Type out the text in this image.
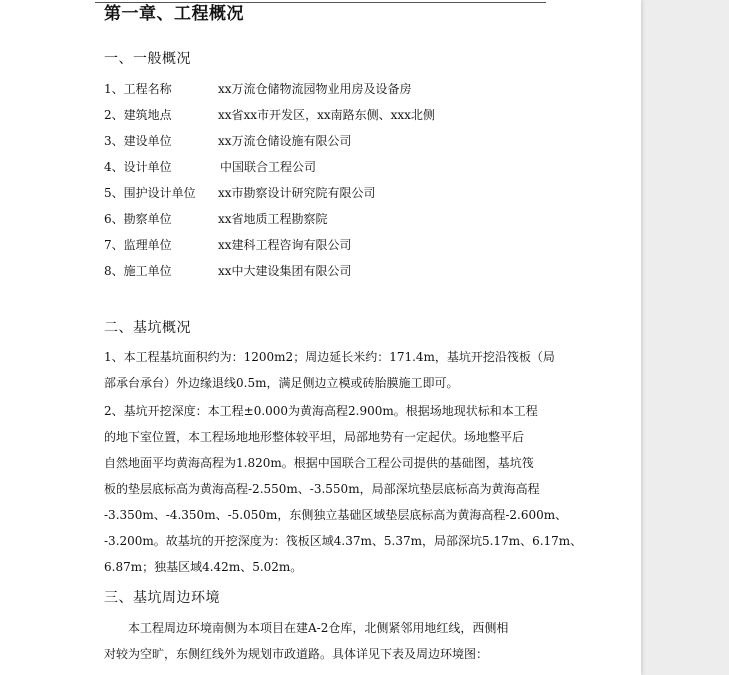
第一章、工程概况
一、一般概况
1、工程名称	xx万流仓储物流园物业用房及设备房
2、建筑地点	xx省xx市开发区，xx南路东侧、xxx北侧
3、建设单位	xx万流仓储设施有限公司
4、设计单位	中国联合工程公司
5、围护设计单位 xx市勘察设计研究院有限公司
6、勘察单位	xx省地质工程勘察院
7、监理单位	xx建科工程咨询有限公司
8、施工单位	xx中大建设集团有限公司
二、基坑概况
1、本工程基坑面积约为：1200m2；周边延长米约：171.4m，基坑开挖沿筏板（局
部承台承台）外边缘退线0.5m，满足侧边立模或砖胎膜施工即可。
2、基坑开挖深度：本工程±0.000为黄海高程2.900m。根据场地现状标和本工程
的地下室位置，本工程场地地形整体较平坦，局部地势有一定起伏。场地整平后
自然地面平均黄海高程为1.820m。根据中国联合工程公司提供的基础图，基坑筏
板的垫层底标高为黄海高程-2.550m、-3.550m，局部深坑垫层底标高为黄海高程
-3.350m、-4.350m、-5.050m，东侧独立基础区域垫层底标高为黄海高程-2.600m、
-3.200m。故基坑的开挖深度为：筏板区域4.37m、5.37m，局部深坑5.17m、6.17m、
6.87m；独基区域4.42m、5.02m。
三、基坑周边环境
本工程周边环境南侧为本项目在建A-2仓库，北侧紧邻用地红线，西侧相
对较为空旷，东侧红线外为规划市政道路。具体详见下表及周边环境图：
